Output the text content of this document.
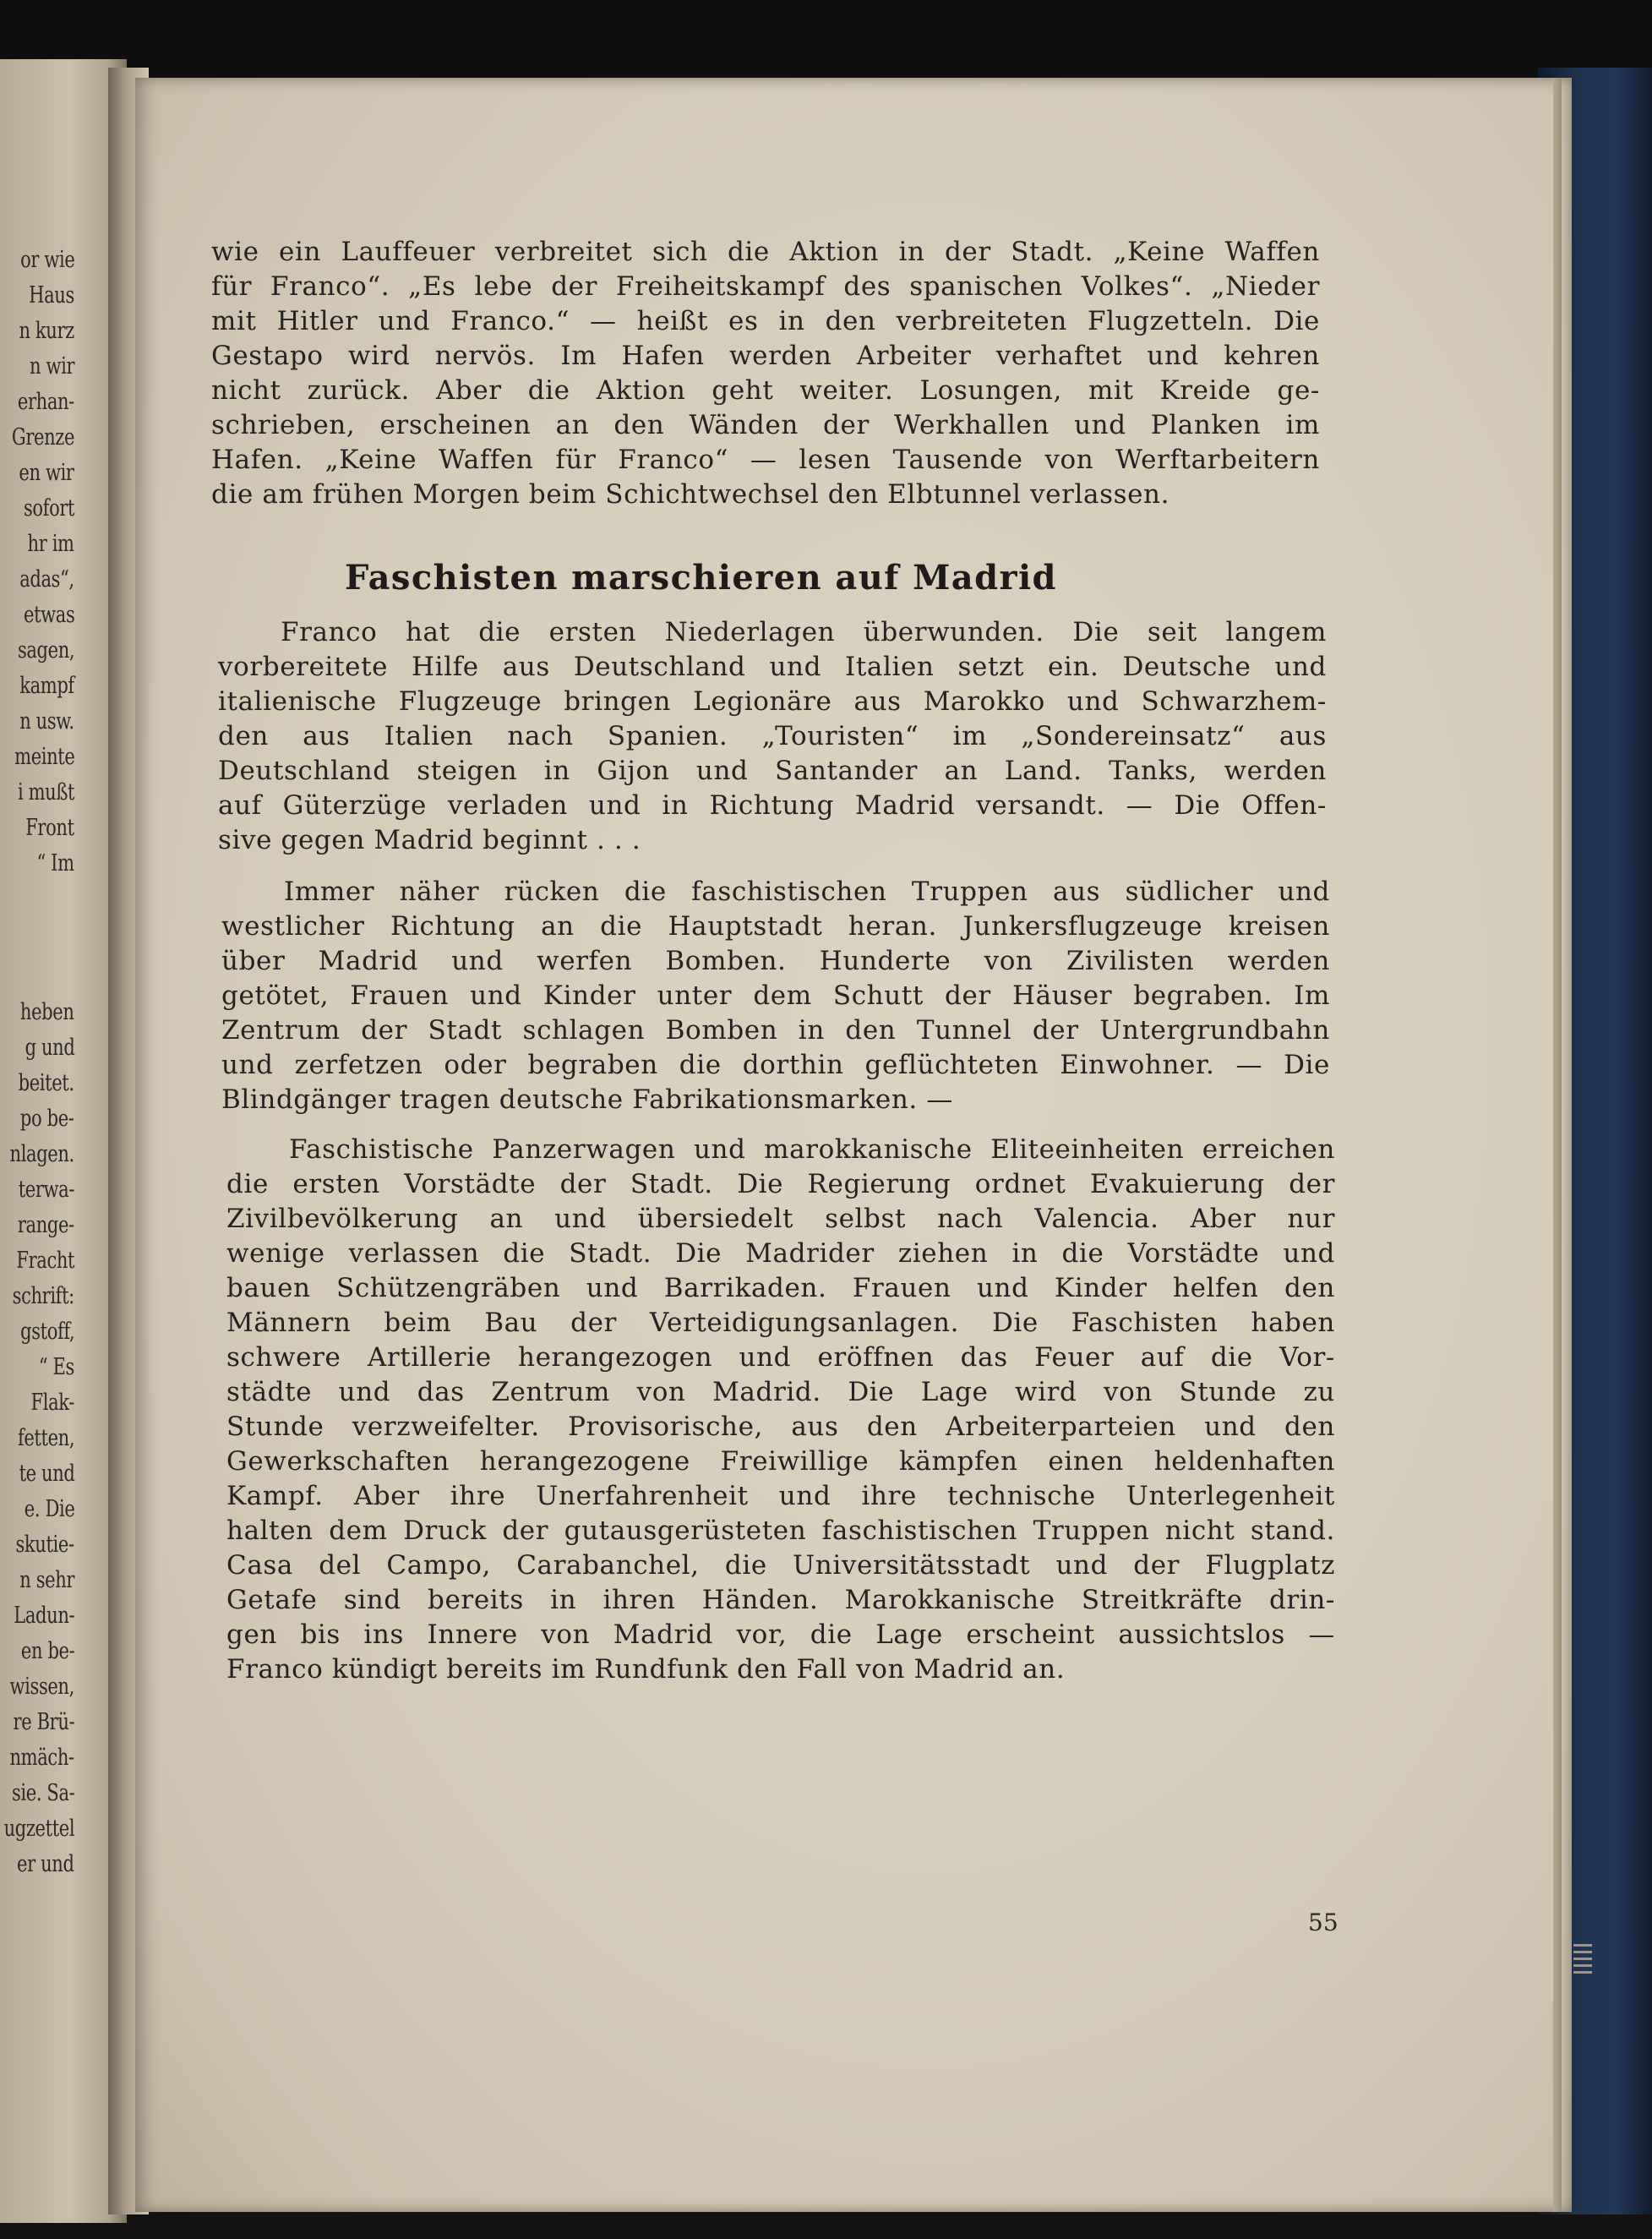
or wie
Haus
n kurz
n wir
erhan-
Grenze
en wir
sofort
hr im
adas“,
etwas
sagen,
kampf
n usw.
meinte
i mußt
Front
“ Im
heben
g und
beitet.
po be-
nlagen.
terwa-
range-
Fracht
schrift:
gstoff,
“ Es
Flak-
fetten,
te und
e. Die
skutie-
n sehr
Ladun-
en be-
wissen,
re Brü-
nmäch-
sie. Sa-
ugzettel
er und
wie ein Lauffeuer verbreitet sich die Aktion in der Stadt. „Keine Waffen
für Franco“. „Es lebe der Freiheitskampf des spanischen Volkes“. „Nieder
mit Hitler und Franco.“ — heißt es in den verbreiteten Flugzetteln. Die
Gestapo wird nervös. Im Hafen werden Arbeiter verhaftet und kehren
nicht zurück. Aber die Aktion geht weiter. Losungen, mit Kreide ge-
schrieben, erscheinen an den Wänden der Werkhallen und Planken im
Hafen. „Keine Waffen für Franco“ — lesen Tausende von Werftarbeitern
die am frühen Morgen beim Schichtwechsel den Elbtunnel verlassen.
Faschisten marschieren auf Madrid
Franco hat die ersten Niederlagen überwunden. Die seit langem
vorbereitete Hilfe aus Deutschland und Italien setzt ein. Deutsche und
italienische Flugzeuge bringen Legionäre aus Marokko und Schwarzhem-
den aus Italien nach Spanien. „Touristen“ im „Sondereinsatz“ aus
Deutschland steigen in Gijon und Santander an Land. Tanks, werden
auf Güterzüge verladen und in Richtung Madrid versandt. — Die Offen-
sive gegen Madrid beginnt . . .
Immer näher rücken die faschistischen Truppen aus südlicher und
westlicher Richtung an die Hauptstadt heran. Junkersflugzeuge kreisen
über Madrid und werfen Bomben. Hunderte von Zivilisten werden
getötet, Frauen und Kinder unter dem Schutt der Häuser begraben. Im
Zentrum der Stadt schlagen Bomben in den Tunnel der Untergrundbahn
und zerfetzen oder begraben die dorthin geflüchteten Einwohner. — Die
Blindgänger tragen deutsche Fabrikationsmarken. —
Faschistische Panzerwagen und marokkanische Eliteeinheiten erreichen
die ersten Vorstädte der Stadt. Die Regierung ordnet Evakuierung der
Zivilbevölkerung an und übersiedelt selbst nach Valencia. Aber nur
wenige verlassen die Stadt. Die Madrider ziehen in die Vorstädte und
bauen Schützengräben und Barrikaden. Frauen und Kinder helfen den
Männern beim Bau der Verteidigungsanlagen. Die Faschisten haben
schwere Artillerie herangezogen und eröffnen das Feuer auf die Vor-
städte und das Zentrum von Madrid. Die Lage wird von Stunde zu
Stunde verzweifelter. Provisorische, aus den Arbeiterparteien und den
Gewerkschaften herangezogene Freiwillige kämpfen einen heldenhaften
Kampf. Aber ihre Unerfahrenheit und ihre technische Unterlegenheit
halten dem Druck der gutausgerüsteten faschistischen Truppen nicht stand.
Casa del Campo, Carabanchel, die Universitätsstadt und der Flugplatz
Getafe sind bereits in ihren Händen. Marokkanische Streitkräfte drin-
gen bis ins Innere von Madrid vor, die Lage erscheint aussichtslos —
Franco kündigt bereits im Rundfunk den Fall von Madrid an.
55
